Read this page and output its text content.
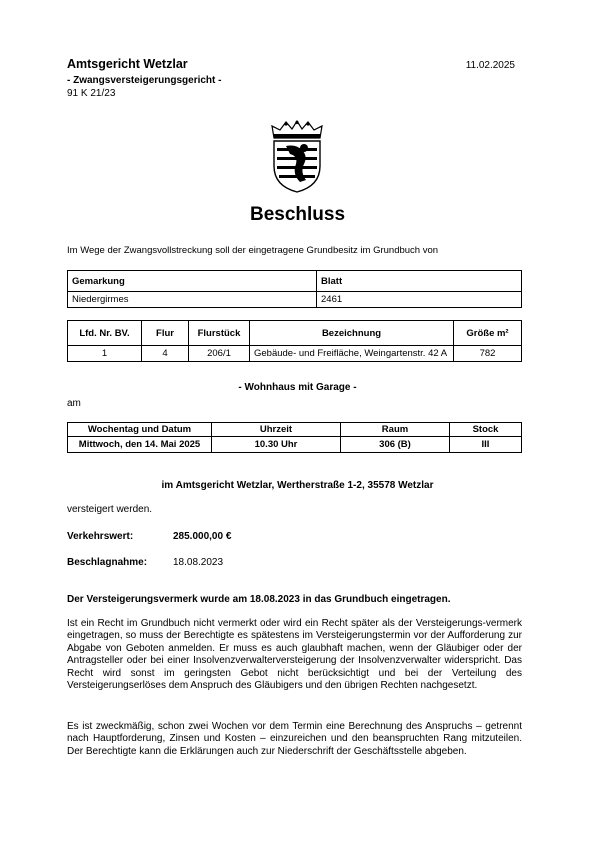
Amtsgericht Wetzlar
- Zwangsversteigerungsgericht -
91 K 21/23
11.02.2025
Beschluss
Im Wege der Zwangsvollstreckung soll der eingetragene Grundbesitz im Grundbuch von
Gemarkung	Blatt
Niedergirmes	2461
Lfd. Nr. BV.	Flur	Flurstück	Bezeichnung	Größe m²
1	4	206/1	Gebäude- und Freifläche, Weingartenstr. 42 A	782
- Wohnhaus mit Garage -
am
Wochentag und Datum	Uhrzeit	Raum	Stock
Mittwoch, den 14. Mai 2025	10.30 Uhr	306 (B)	III
im Amtsgericht Wetzlar, Wertherstraße 1-2, 35578 Wetzlar
versteigert werden.
Verkehrswert:	285.000,00 €
Beschlagnahme:	18.08.2023
Der Versteigerungsvermerk wurde am 18.08.2023 in das Grundbuch eingetragen.
Ist ein Recht im Grundbuch nicht vermerkt oder wird ein Recht später als der Versteigerungs-vermerk eingetragen, so muss der Berechtigte es spätestens im Versteigerungstermin vor der Aufforderung zur Abgabe von Geboten anmelden. Er muss es auch glaubhaft machen, wenn der Gläubiger oder der Antragsteller oder bei einer Insolvenzverwalterversteigerung der Insolvenzverwalter widerspricht. Das Recht wird sonst im geringsten Gebot nicht berücksichtigt und bei der Verteilung des Versteigerungserlöses dem Anspruch des Gläubigers und den übrigen Rechten nachgesetzt.
Es ist zweckmäßig, schon zwei Wochen vor dem Termin eine Berechnung des Anspruchs – getrennt nach Hauptforderung, Zinsen und Kosten – einzureichen und den beanspruchten Rang mitzuteilen. Der Berechtigte kann die Erklärungen auch zur Niederschrift der Geschäftsstelle abgeben.
